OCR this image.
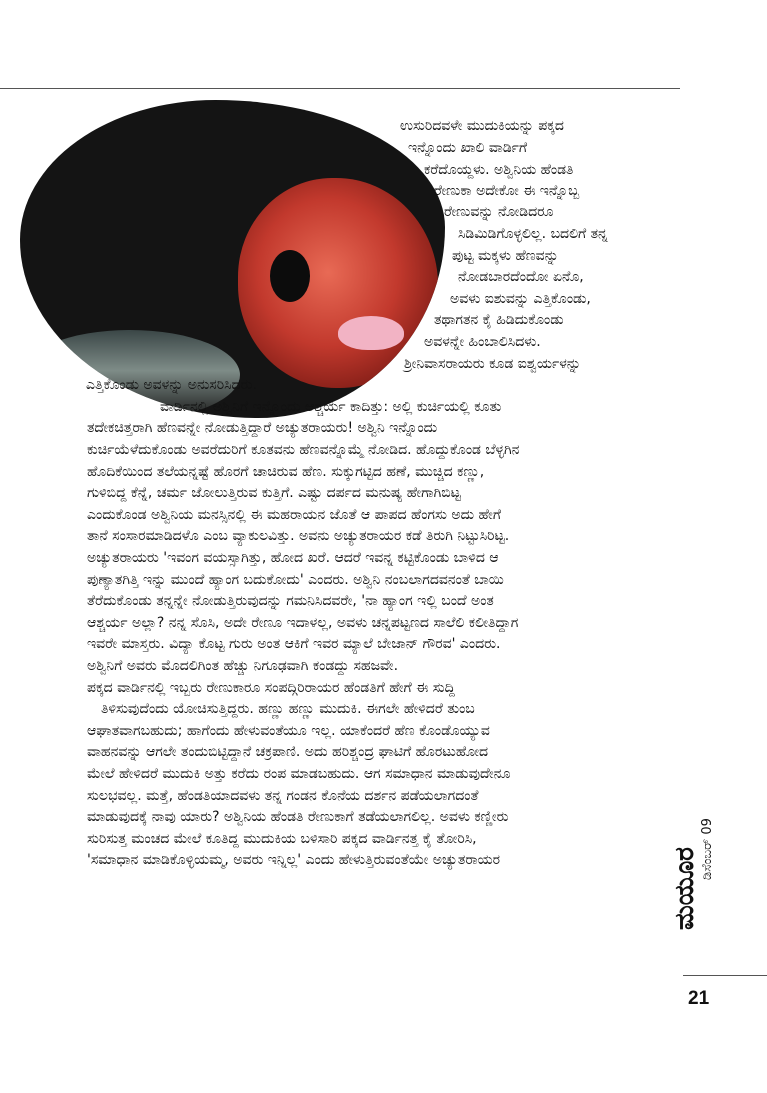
ಉಸುರಿದವಳೇ ಮುದುಕಿಯನ್ನು ಪಕ್ಕದ
ಇನ್ನೊಂದು ಖಾಲಿ ವಾರ್ಡಿಗೆ
ಕರೆದೊಯ್ದಳು. ಅಶ್ವಿನಿಯ ಹೆಂಡತಿ
ರೇಣುಕಾ ಅದೇಕೋ ಈ ಇನ್ನೊಬ್ಬ
ರೇಣುವನ್ನು ನೋಡಿದರೂ
ಸಿಡಿಮಿಡಿಗೊಳ್ಳಲಿಲ್ಲ. ಬದಲಿಗೆ ತನ್ನ
ಪುಟ್ಟ ಮಕ್ಕಳು ಹೆಣವನ್ನು
ನೋಡಬಾರದೆಂದೋ ಏನೊ,
ಅವಳು ಐಶುವನ್ನು ಎತ್ತಿಕೊಂಡು,
ತಥಾಗತನ ಕೈ ಹಿಡಿದುಕೊಂಡು
ಅವಳನ್ನೇ ಹಿಂಬಾಲಿಸಿದಳು.
ಶ್ರೀನಿವಾಸರಾಯರು ಕೂಡ ಐಶ್ವರ್ಯಳನ್ನು
ಎತ್ತಿಕೊಂಡು ಅವಳನ್ನು ಅನುಸರಿಸಿದರು.
ವಾರ್ಡಿನಲ್ಲಿ ಅಶ್ವಿನಿಗೆ ಇನ್ನೊಂದು ಆಶ್ಚರ್ಯ ಕಾದಿತ್ತು: ಅಲ್ಲಿ ಕುರ್ಚಿಯಲ್ಲಿ ಕೂತು
ತದೇಕಚಿತ್ತರಾಗಿ ಹೆಣವನ್ನೇ ನೋಡುತ್ತಿದ್ದಾರೆ ಅಚ್ಯುತರಾಯರು! ಅಶ್ವಿನಿ ಇನ್ನೊಂದು
ಕುರ್ಚಿಯೆಳೆದುಕೊಂಡು ಅವರೆದುರಿಗೆ ಕೂತವನು ಹೆಣವನ್ನೊಮ್ಮೆ ನೋಡಿದ. ಹೊದ್ದುಕೊಂಡ ಬೆಳ್ಳಗಿನ
ಹೊದಿಕೆಯಿಂದ ತಲೆಯನ್ನಷ್ಟೆ ಹೊರಗೆ ಚಾಚಿರುವ ಹೆಣ. ಸುಕ್ಕುಗಟ್ಟಿದ ಹಣೆ, ಮುಚ್ಚಿದ ಕಣ್ಣು,
ಗುಳಿಬಿದ್ದ ಕೆನ್ನೆ, ಚರ್ಮ ಜೋಲುತ್ತಿರುವ ಕುತ್ತಿಗೆ. ಎಷ್ಟು ದರ್ಪದ ಮನುಷ್ಯ ಹೇಗಾಗಿಬಿಟ್ಟ
ಎಂದುಕೊಂಡ ಅಶ್ವಿನಿಯ ಮನಸ್ಸಿನಲ್ಲಿ ಈ ಮಹರಾಯನ ಜೊತೆ ಆ ಪಾಪದ ಹೆಂಗಸು ಅದು ಹೇಗೆ
ತಾನೆ ಸಂಸಾರಮಾಡಿದಳೊ ಎಂಬ ವ್ಯಾಕುಲವಿತ್ತು. ಅವನು ಅಚ್ಯುತರಾಯರ ಕಡೆ ತಿರುಗಿ ನಿಟ್ಟುಸಿರಿಟ್ಟ.
ಅಚ್ಯುತರಾಯರು 'ಇವಂಗ ವಯಸ್ಸಾಗಿತ್ತು, ಹೋದ ಖರೆ. ಆದರೆ ಇವನ್ನ ಕಟ್ಟಿಕೊಂಡು ಬಾಳಿದ ಆ
ಪುಣ್ಯಾತಗಿತ್ತಿ ಇನ್ನು ಮುಂದೆ ಹ್ಯಾಂಗ ಬದುಕೋದು' ಎಂದರು. ಅಶ್ವಿನಿ ನಂಬಲಾಗದವನಂತೆ ಬಾಯಿ
ತೆರೆದುಕೊಂಡು ತನ್ನನ್ನೇ ನೋಡುತ್ತಿರುವುದನ್ನು ಗಮನಿಸಿದವರೇ, 'ನಾ ಹ್ಯಾಂಗ ಇಲ್ಲಿ ಬಂದೆ ಅಂತ
ಆಶ್ಚರ್ಯ ಅಲ್ಲಾ? ನನ್ನ ಸೊಸಿ, ಅದೇ ರೇಣೂ ಇದಾಳಲ್ಲ, ಅವಳು ಚನ್ನಪಟ್ಟಣದ ಸಾಲೆಲಿ ಕಲೀತಿದ್ದಾಗ
ಇವರೇ ಮಾಸ್ತರು. ವಿದ್ಯಾ ಕೊಟ್ಟ ಗುರು ಅಂತ ಆಕಿಗೆ ಇವರ ಮ್ಯಾಲೆ ಬೇಜಾನ್ ಗೌರವ' ಎಂದರು.
ಅಶ್ವಿನಿಗೆ ಅವರು ಮೊದಲಿಗಿಂತ ಹೆಚ್ಚು ನಿಗೂಢವಾಗಿ ಕಂಡದ್ದು ಸಹಜವೇ.
ಪಕ್ಕದ ವಾರ್ಡಿನಲ್ಲಿ ಇಬ್ಬರು ರೇಣುಕಾರೂ ಸಂಪದ್ಗಿರಿರಾಯರ ಹೆಂಡತಿಗೆ ಹೇಗೆ ಈ ಸುದ್ದಿ
ತಿಳಿಸುವುದೆಂದು ಯೋಚಿಸುತ್ತಿದ್ದರು. ಹಣ್ಣು ಹಣ್ಣು ಮುದುಕಿ. ಈಗಲೇ ಹೇಳಿದರೆ ತುಂಬ
ಆಘಾತವಾಗಬಹುದು; ಹಾಗೆಂದು ಹೇಳುವಂತೆಯೂ ಇಲ್ಲ. ಯಾಕೆಂದರೆ ಹೆಣ ಕೊಂಡೊಯ್ಯುವ
ವಾಹನವನ್ನು ಆಗಲೇ ತಂದುಬಿಟ್ಟಿದ್ದಾನೆ ಚಕ್ರಪಾಣಿ. ಅದು ಹರಿಶ್ಚಂದ್ರ ಘಾಟಿಗೆ ಹೊರಟುಹೋದ
ಮೇಲೆ ಹೇಳಿದರೆ ಮುದುಕಿ ಅತ್ತು ಕರೆದು ರಂಪ ಮಾಡಬಹುದು. ಆಗ ಸಮಾಧಾನ ಮಾಡುವುದೇನೂ
ಸುಲಭವಲ್ಲ. ಮತ್ತೆ, ಹೆಂಡತಿಯಾದವಳು ತನ್ನ ಗಂಡನ ಕೊನೆಯ ದರ್ಶನ ಪಡೆಯಲಾಗದಂತೆ
ಮಾಡುವುದಕ್ಕೆ ನಾವು ಯಾರು? ಅಶ್ವಿನಿಯ ಹೆಂಡತಿ ರೇಣುಕಾಗೆ ತಡೆಯಲಾಗಲಿಲ್ಲ. ಅವಳು ಕಣ್ಣೀರು
ಸುರಿಸುತ್ತ ಮಂಚದ ಮೇಲೆ ಕೂತಿದ್ದ ಮುದುಕಿಯ ಬಳಿಸಾರಿ ಪಕ್ಕದ ವಾರ್ಡಿನತ್ತ ಕೈ ತೋರಿಸಿ,
'ಸಮಾಧಾನ ಮಾಡಿಕೊಳ್ಳಿಯಮ್ಮ, ಅವರು ಇನ್ನಿಲ್ಲ' ಎಂದು ಹೇಳುತ್ತಿರುವಂತೆಯೇ ಅಚ್ಯುತರಾಯರ	ಮಯೂರ ಡಿಸೆಂಬರ್ 09
21
